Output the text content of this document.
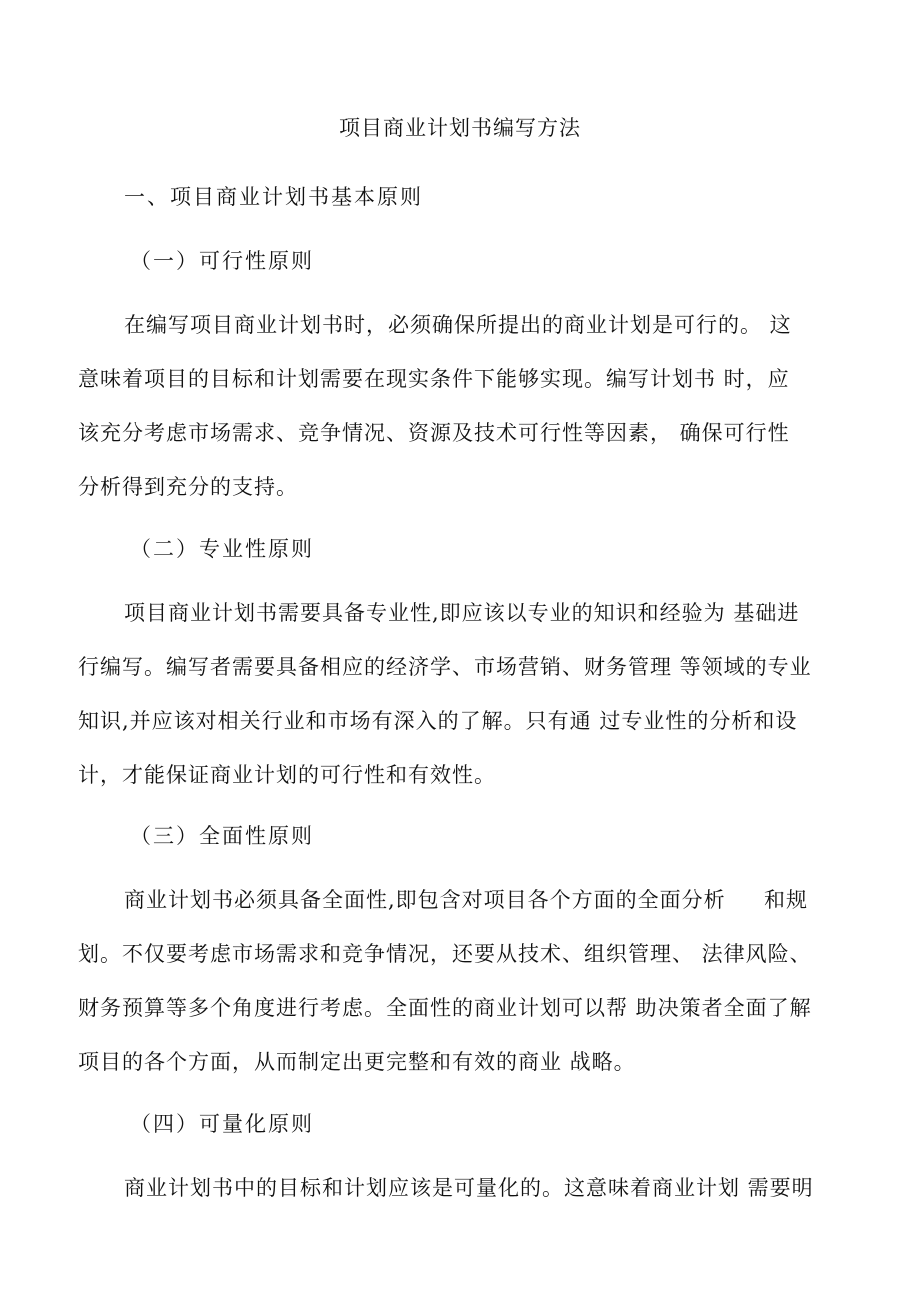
项目商业计划书编写方法
一、项目商业计划书基本原则
（一）可行性原则
在编写项目商业计划书时，必须确保所提出的商业计划是可行的。 这
意味着项目的目标和计划需要在现实条件下能够实现。编写计划书 时，应
该充分考虑市场需求、竞争情况、资源及技术可行性等因素， 确保可行性
分析得到充分的支持。
（二）专业性原则
项目商业计划书需要具备专业性,即应该以专业的知识和经验为 基础进
行编写。编写者需要具备相应的经济学、市场营销、财务管理 等领域的专业
知识,并应该对相关行业和市场有深入的了解。只有通 过专业性的分析和设
计，才能保证商业计划的可行性和有效性。
（三）全面性原则
商业计划书必须具备全面性,即包含对项目各个方面的全面分析     和规
划。不仅要考虑市场需求和竞争情况，还要从技术、组织管理、 法律风险、
财务预算等多个角度进行考虑。全面性的商业计划可以帮 助决策者全面了解
项目的各个方面，从而制定出更完整和有效的商业 战略。
（四）可量化原则
商业计划书中的目标和计划应该是可量化的。这意味着商业计划 需要明
